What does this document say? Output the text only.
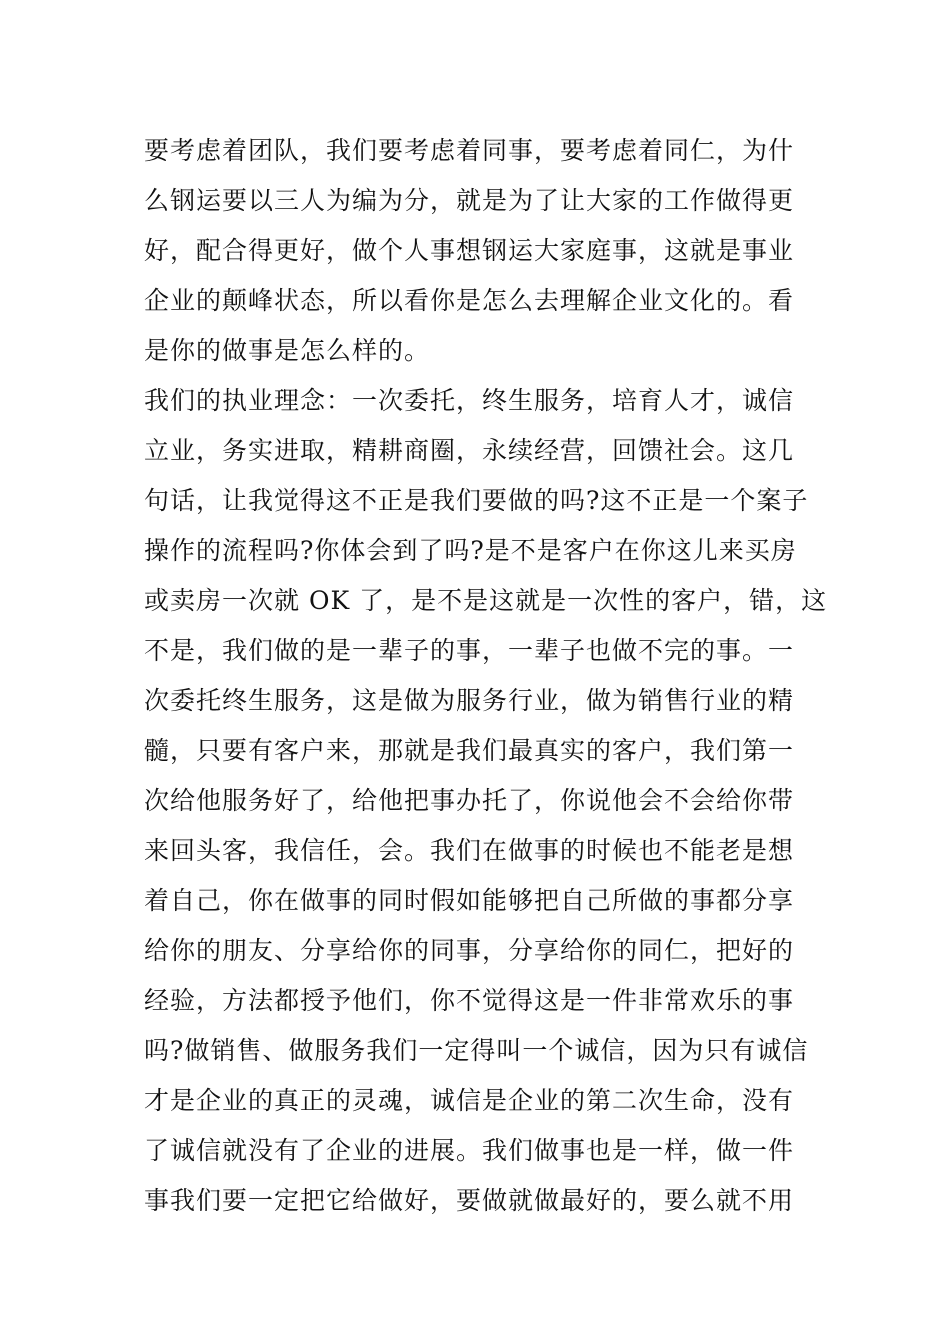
要考虑着团队，我们要考虑着同事，要考虑着同仁，为什
么钢运要以三人为编为分，就是为了让大家的工作做得更
好，配合得更好，做个人事想钢运大家庭事，这就是事业
企业的颠峰状态，所以看你是怎么去理解企业文化的。看
是你的做事是怎么样的。
我们的执业理念：一次委托，终生服务，培育人才，诚信
立业，务实进取，精耕商圈，永续经营，回馈社会。这几
句话，让我觉得这不正是我们要做的吗?这不正是一个案子
操作的流程吗?你体会到了吗?是不是客户在你这儿来买房
或卖房一次就 OK 了，是不是这就是一次性的客户，错，这
不是，我们做的是一辈子的事，一辈子也做不完的事。一
次委托终生服务，这是做为服务行业，做为销售行业的精
髓，只要有客户来，那就是我们最真实的客户，我们第一
次给他服务好了，给他把事办托了，你说他会不会给你带
来回头客，我信任，会。我们在做事的时候也不能老是想
着自己，你在做事的同时假如能够把自己所做的事都分享
给你的朋友、分享给你的同事，分享给你的同仁，把好的
经验，方法都授予他们，你不觉得这是一件非常欢乐的事
吗?做销售、做服务我们一定得叫一个诚信，因为只有诚信
才是企业的真正的灵魂，诚信是企业的第二次生命，没有
了诚信就没有了企业的进展。我们做事也是一样，做一件
事我们要一定把它给做好，要做就做最好的，要么就不用
